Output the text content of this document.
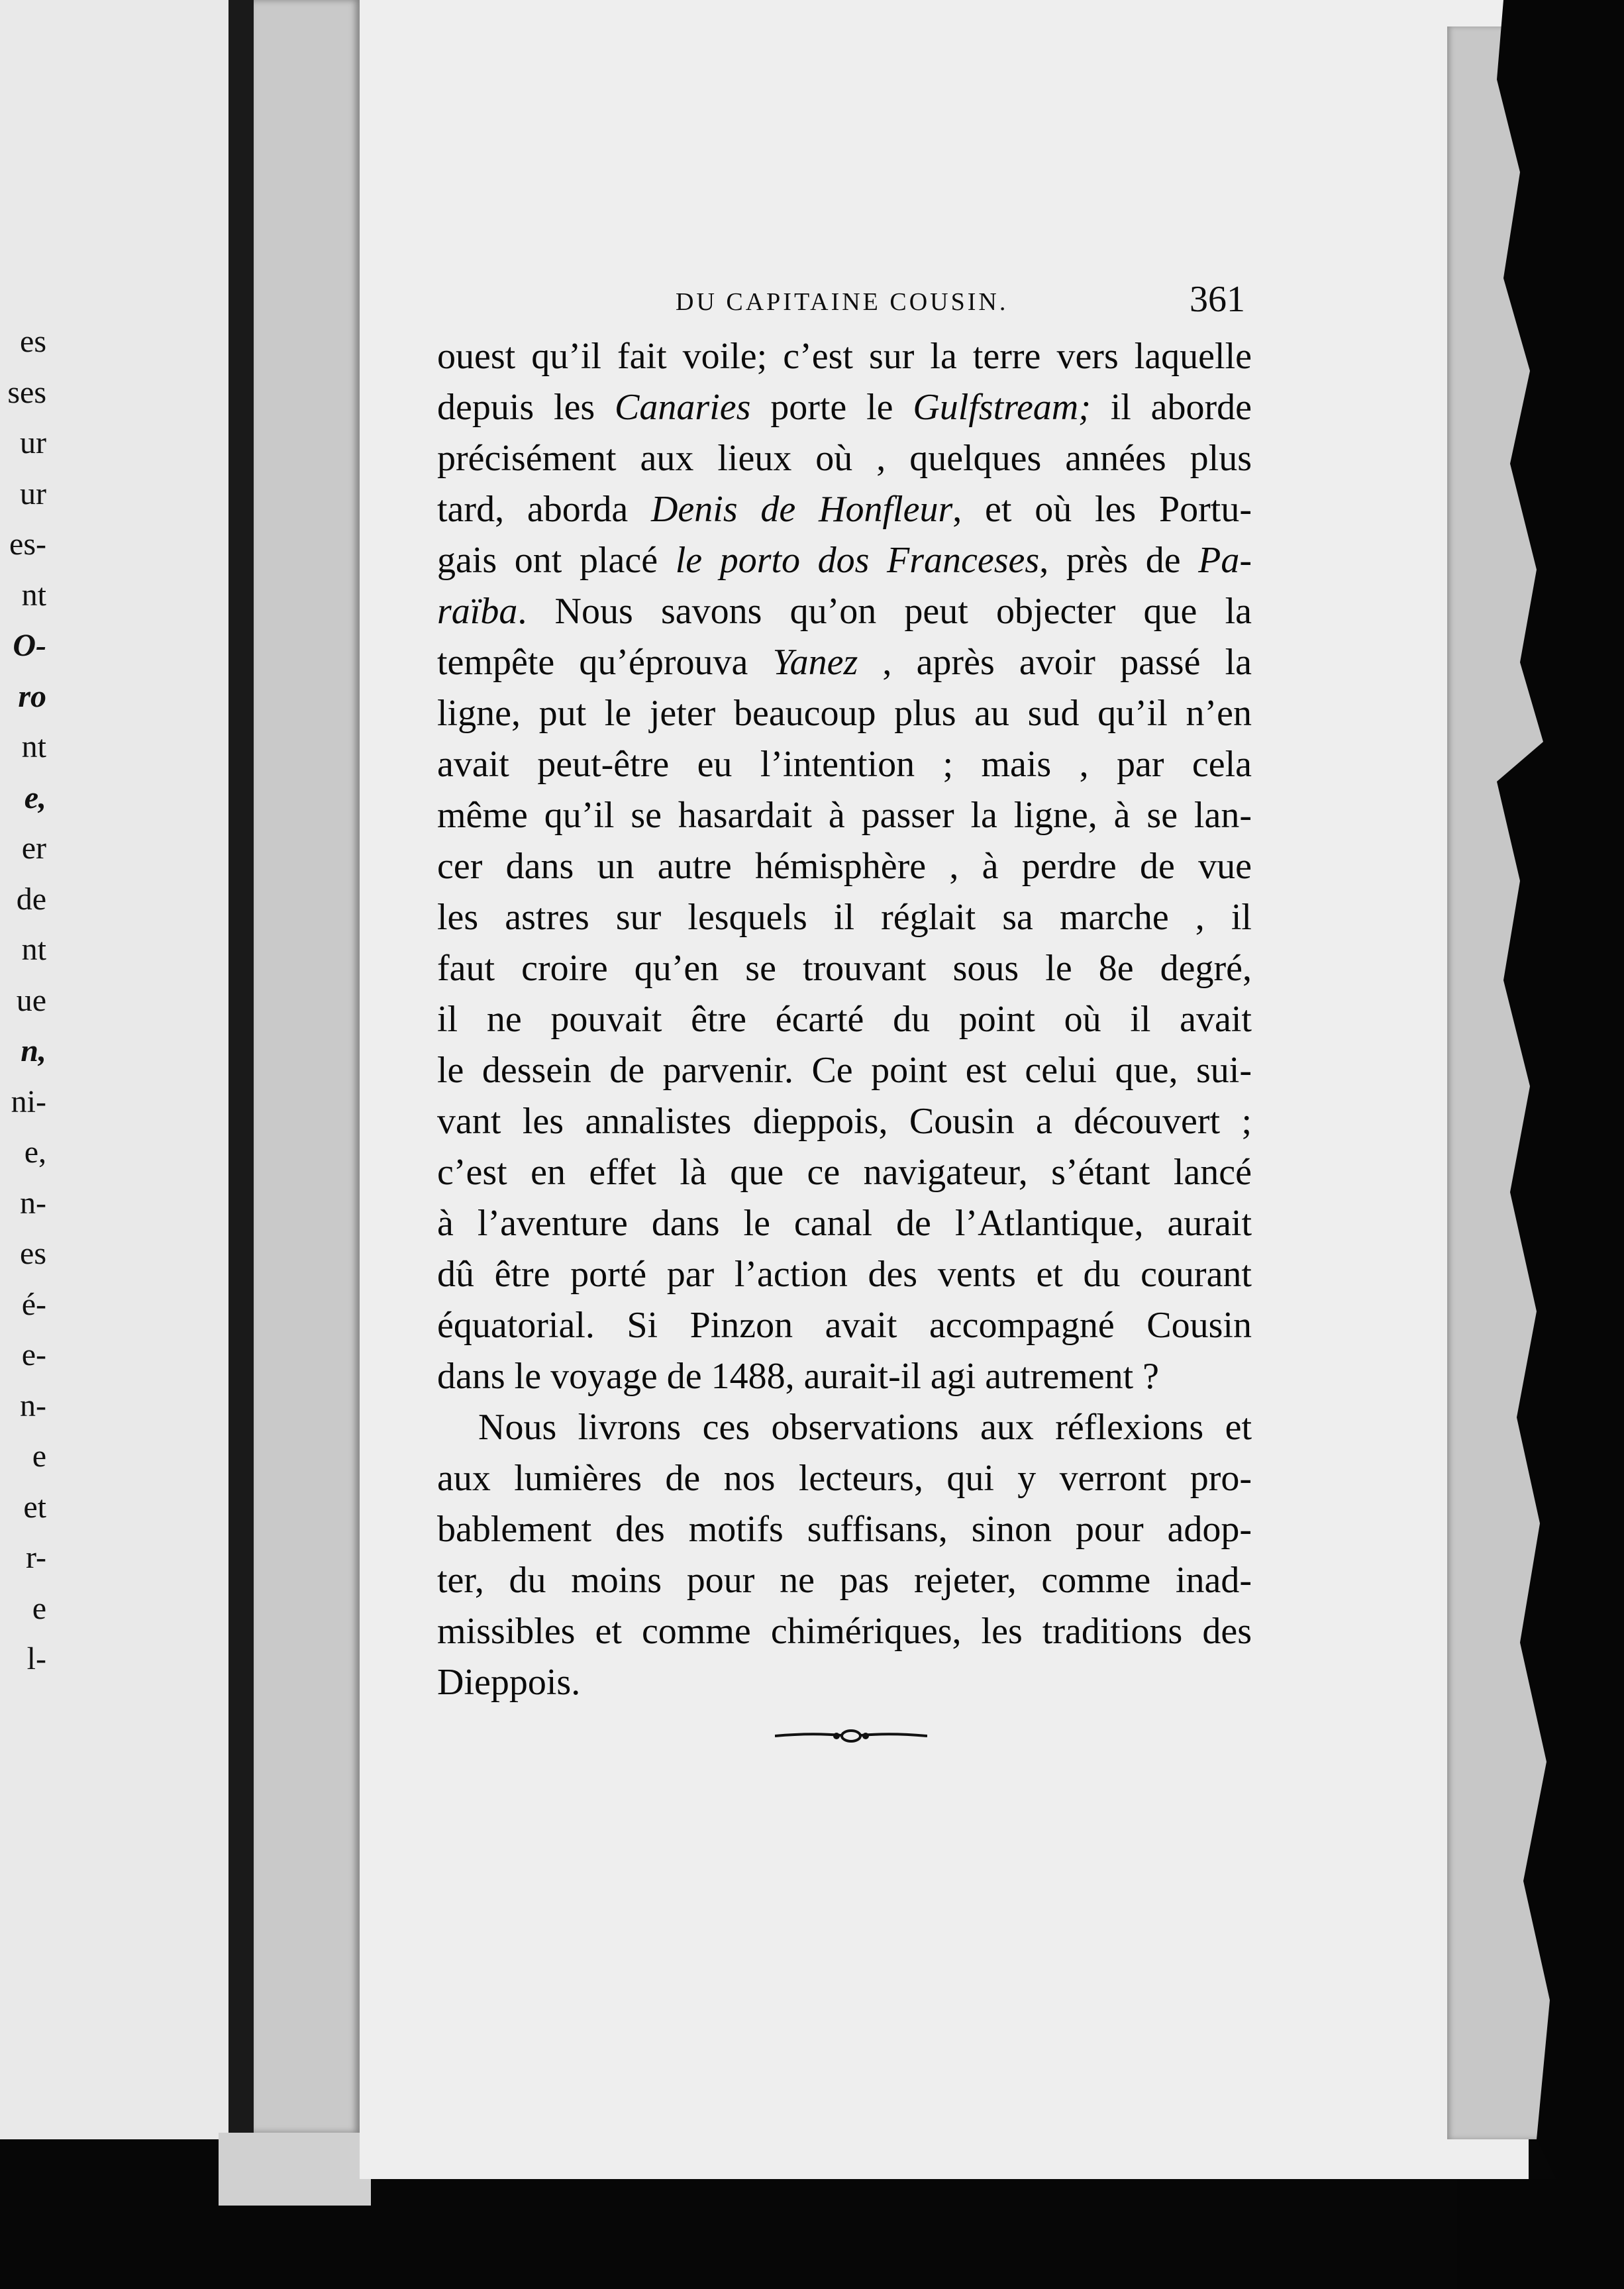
es
ses
ur
ur
es-
nt
O-
ro
nt
e,
er
de
nt
ue
n,
ni-
e,
n-
es
é-
e-
n-
e
et
r-
e
l-
DU CAPITAINE COUSIN.	361
ouest qu’il fait voile; c’est sur la terre vers laquelle
depuis les Canaries porte le Gulfstream; il aborde
précisément aux lieux où , quelques années plus
tard, aborda Denis de Honfleur, et où les Portu-
gais ont placé le porto dos Franceses, près de Pa-
raïba. Nous savons qu’on peut objecter que la
tempête qu’éprouva Yanez , après avoir passé la
ligne, put le jeter beaucoup plus au sud qu’il n’en
avait peut-être eu l’intention ; mais , par cela
même qu’il se hasardait à passer la ligne, à se lan-
cer dans un autre hémisphère , à perdre de vue
les astres sur lesquels il réglait sa marche , il
faut croire qu’en se trouvant sous le 8e degré,
il ne pouvait être écarté du point où il avait
le dessein de parvenir. Ce point est celui que, sui-
vant les annalistes dieppois, Cousin a découvert ;
c’est en effet là que ce navigateur, s’étant lancé
à l’aventure dans le canal de l’Atlantique, aurait
dû être porté par l’action des vents et du courant
équatorial. Si Pinzon avait accompagné Cousin
dans le voyage de 1488, aurait-il agi autrement ?
Nous livrons ces observations aux réflexions et
aux lumières de nos lecteurs, qui y verront pro-
bablement des motifs suffisans, sinon pour adop-
ter, du moins pour ne pas rejeter, comme inad-
missibles et comme chimériques, les traditions des
Dieppois.
